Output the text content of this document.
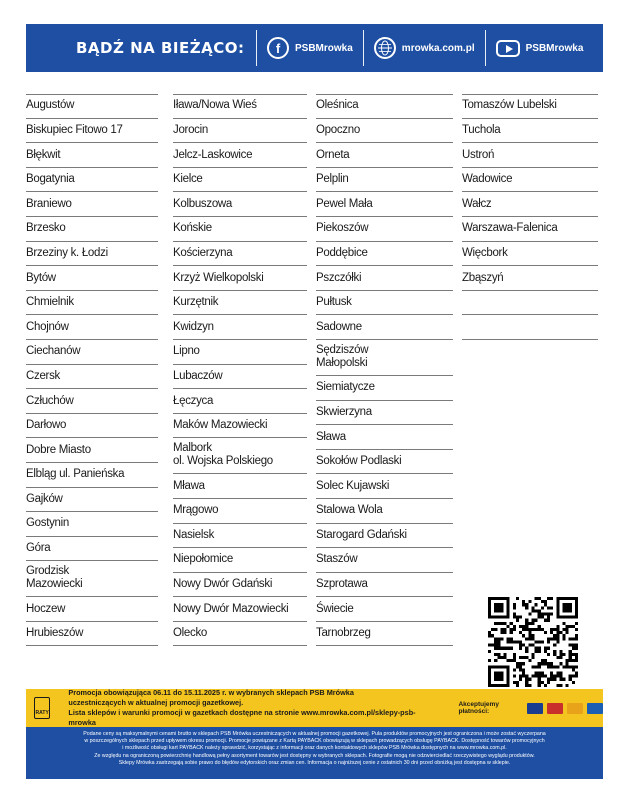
BĄDŹ NA BIEŻĄCO:	f	PSBMrowka	mrowka.com.pl	PSBMrowka
Augustów
Biskupiec Fitowo 17
Błękwit
Bogatynia
Braniewo
Brzesko
Brzeziny k. Łodzi
Bytów
Chmielnik
Chojnów
Ciechanów
Czersk
Człuchów
Darłowo
Dobre Miasto
Elbląg ul. Panieńska
Gajków
Gostynin
Góra
Grodzisk
Mazowiecki
Hoczew
Hrubieszów
Iława/Nowa Wieś
Jorocin
Jelcz-Laskowice
Kielce
Kolbuszowa
Końskie
Kościerzyna
Krzyż Wielkopolski
Kurzętnik
Kwidzyn
Lipno
Lubaczów
Łęczyca
Maków Mazowiecki
Malbork
ol. Wojska Polskiego
Mława
Mrągowo
Nasielsk
Niepołomice
Nowy Dwór Gdański
Nowy Dwór Mazowiecki
Olecko
Oleśnica
Opoczno
Orneta
Pelplin
Pewel Mała
Piekoszów
Poddębice
Pszczółki
Pułtusk
Sadowne
Sędziszów
Małopolski
Siemiatycze
Skwierzyna
Sława
Sokołów Podlaski
Solec Kujawski
Stalowa Wola
Starogard Gdański
Staszów
Szprotawa
Świecie
Tarnobrzeg
Tomaszów Lubelski
Tuchola
Ustroń
Wadowice
Wałcz
Warszawa-Falenica
Więcbork
Zbąszyń
RATY
Promocja obowiązująca 06.11 do 15.11.2025 r. w wybranych sklepach PSB Mrówka
uczestniczących w aktualnej promocji gazetkowej.
Lista sklepów i warunki promocji w gazetkach dostępne na stronie www.mrowka.com.pl/sklepy-psb-mrowka
Akceptujemy płatności:
Podane ceny są maksymalnymi cenami brutto w sklepach PSB Mrówka uczestniczących w aktualnej promocji gazetkowej. Pula produktów promocyjnych jest ograniczona i może zostać wyczerpana
w poszczególnych sklepach przed upływem okresu promocji. Promocje powiązane z Kartą PAYBACK obowiązują w sklepach prowadzących obsługę PAYBACK. Dostępność towarów promocyjnych
i możliwość obsługi kart PAYBACK należy sprawdzić, korzystając z informacji oraz danych kontaktowych sklepów PSB Mrówka dostępnych na www.mrowka.com.pl.
Ze względu na ograniczoną powierzchnię handlową pełny asortyment towarów jest dostępny w wybranych sklepach. Fotografie mogą nie odzwierciedlać rzeczywistego wyglądu produktów.
Sklepy Mrówka zastrzegają sobie prawo do błędów edytorskich oraz zmian cen. Informacja o najniższej cenie z ostatnich 30 dni przed obniżką jest dostępna w sklepie.
